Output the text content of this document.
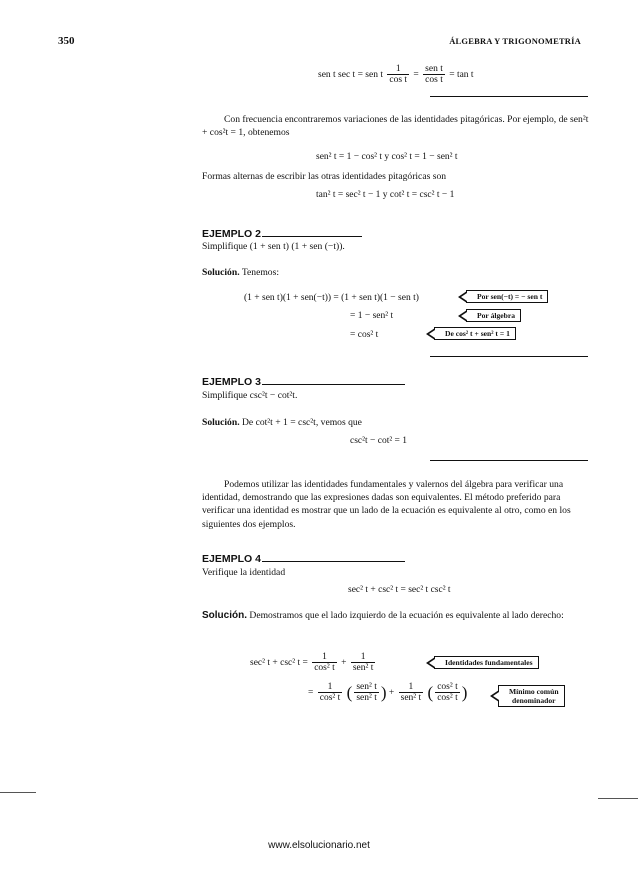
350	ÁLGEBRA Y TRIGONOMETRÍA
sen t sec t = sen t $\frac{1}{\text{cos t}} = \frac{\text{sen t}}{\text{cos t}} = \tan t$
Con frecuencia encontraremos variaciones de las identidades pitagóricas. Por ejemplo, de sen²t + cos²t = 1, obtenemos
sen² t = 1 − cos² t y cos² t = 1 − sen² t
Formas alternas de escribir las otras identidades pitagóricas son
tan² t = sec² t − 1 y cot² t = csc² t − 1
EJEMPLO 2
Simplifique (1 + sen t) (1 + sen (−t)).
Solución. Tenemos:
(1 + sen t)(1 + sen(−t)) = (1 + sen t)(1 − sen t)	Por sen(−t) = − sen t
= 1 − sen² t	Por álgebra
= cos² t	De cos² t + sen² t = 1
EJEMPLO 3
Simplifique csc²t − cot²t.
Solución. De cot²t + 1 = csc²t, vemos que
csc²t − cot² = 1
Podemos utilizar las identidades fundamentales y valernos del álgebra para verificar una identidad, demostrando que las expresiones dadas son equivalentes. El método preferido para verificar una identidad es mostrar que un lado de la ecuación es equivalente al otro, como en los siguientes dos ejemplos.
EJEMPLO 4
Verifique la identidad
sec² t + csc² t = sec² t csc² t
Solución. Demostramos que el lado izquierdo de la ecuación es equivalente al lado derecho:
sec² t + csc² $t = \frac{1}{\text{cos² t}} + \frac{1}{\text{sen² t}}$	Identidades fundamentales
= $\frac{1}{\text{cos² t}}$ ( $\frac{\text{sen² t}}{\text{sen² t}}$ ) + $\frac{1}{\text{sen² t}}$ ( $\frac{\text{cos² t}}{\text{cos² t}}$ )	Mínimo común
denominador
www.elsolucionario.net
